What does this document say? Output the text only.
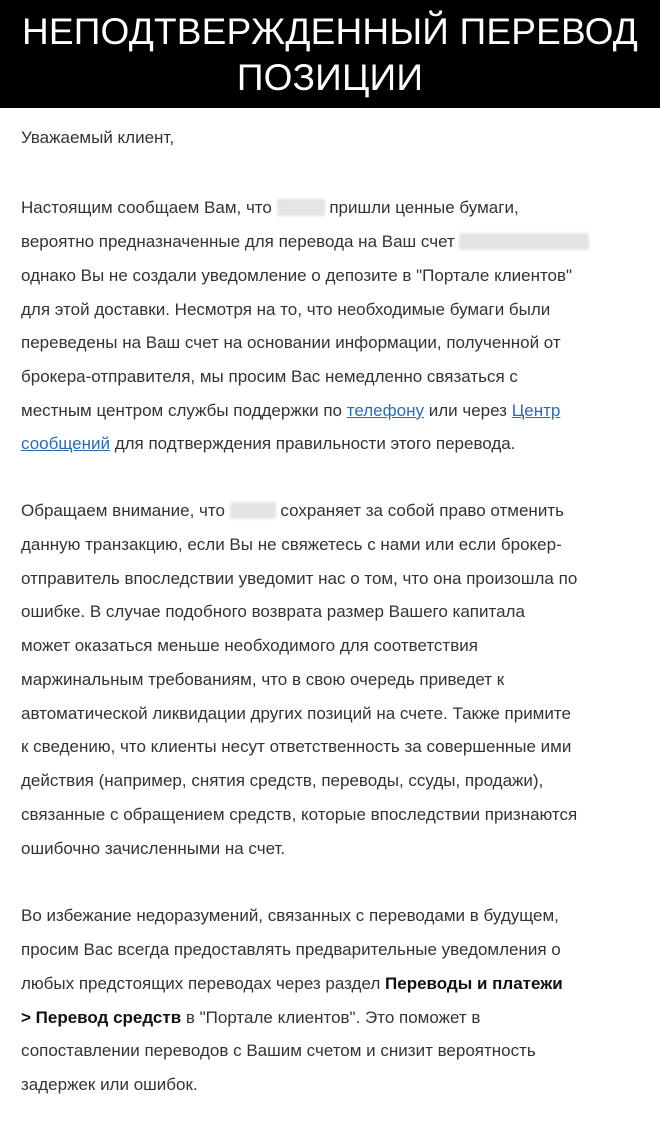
НЕПОДТВЕРЖДЕННЫЙ ПЕРЕВОД
ПОЗИЦИИ
Уважаемый клиент,
Настоящим сообщаем Вам, что	пришли ценные бумаги,
вероятно предназначенные для перевода на Ваш счет
однако Вы не создали уведомление о депозите в "Портале клиентов"
для этой доставки. Несмотря на то, что необходимые бумаги были
переведены на Ваш счет на основании информации, полученной от
брокера-отправителя, мы просим Вас немедленно связаться с
местным центром службы поддержки по телефону или через Центр
сообщений для подтверждения правильности этого перевода.
Обращаем внимание, что	сохраняет за собой право отменить
данную транзакцию, если Вы не свяжетесь с нами или если брокер-
отправитель впоследствии уведомит нас о том, что она произошла по
ошибке. В случае подобного возврата размер Вашего капитала
может оказаться меньше необходимого для соответствия
маржинальным требованиям, что в свою очередь приведет к
автоматической ликвидации других позиций на счете. Также примите
к сведению, что клиенты несут ответственность за совершенные ими
действия (например, снятия средств, переводы, ссуды, продажи),
связанные с обращением средств, которые впоследствии признаются
ошибочно зачисленными на счет.
Во избежание недоразумений, связанных с переводами в будущем,
просим Вас всегда предоставлять предварительные уведомления о
любых предстоящих переводах через раздел Переводы и платежи
> Перевод средств в "Портале клиентов". Это поможет в
сопоставлении переводов с Вашим счетом и снизит вероятность
задержек или ошибок.
